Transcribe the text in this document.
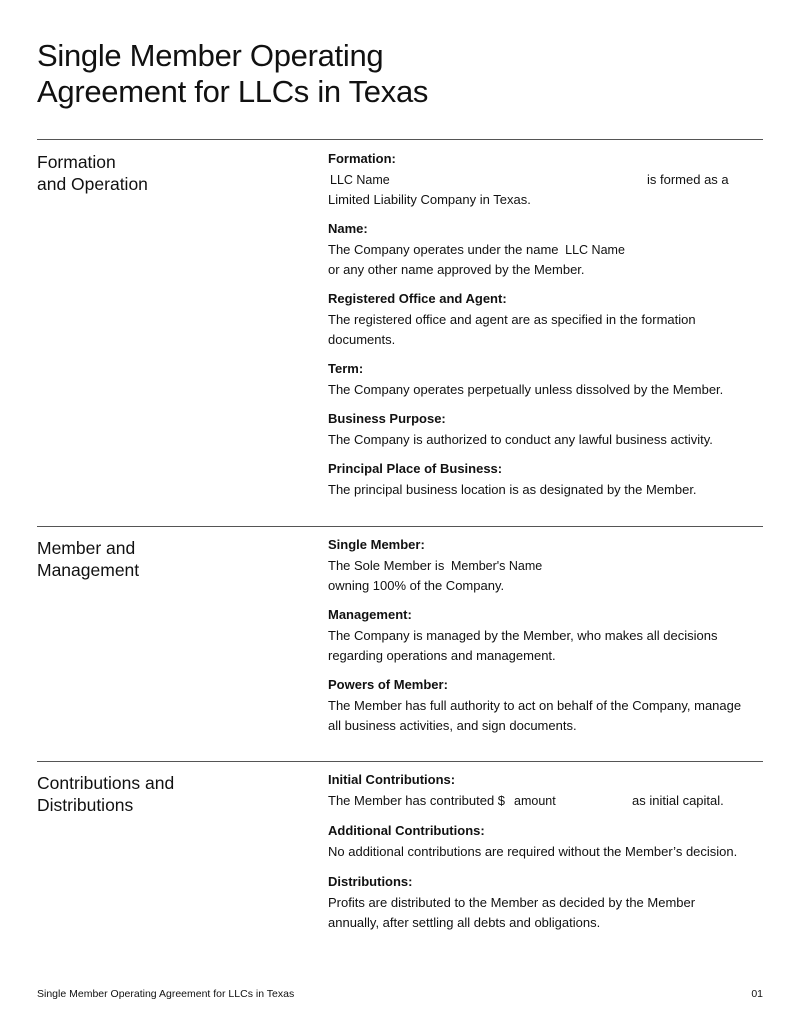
Single Member Operating
Agreement for LLCs in Texas
Formation
and Operation
Formation:
LLC Name	is formed as a
Limited Liability Company in Texas.
Name:
The Company operates under the name LLC Name
or any other name approved by the Member.
Registered Office and Agent:
The registered office and agent are as specified in the formation
documents.
Term:
The Company operates perpetually unless dissolved by the Member.
Business Purpose:
The Company is authorized to conduct any lawful business activity.
Principal Place of Business:
The principal business location is as designated by the Member.
Member and
Management
Single Member:
The Sole Member is Member's Name
owning 100% of the Company.
Management:
The Company is managed by the Member, who makes all decisions
regarding operations and management.
Powers of Member:
The Member has full authority to act on behalf of the Company, manage
all business activities, and sign documents.
Contributions and
Distributions
Initial Contributions:
The Member has contributed $ amount	as initial capital.
Additional Contributions:
No additional contributions are required without the Member’s decision.
Distributions:
Profits are distributed to the Member as decided by the Member
annually, after settling all debts and obligations.
Single Member Operating Agreement for LLCs in Texas	01
